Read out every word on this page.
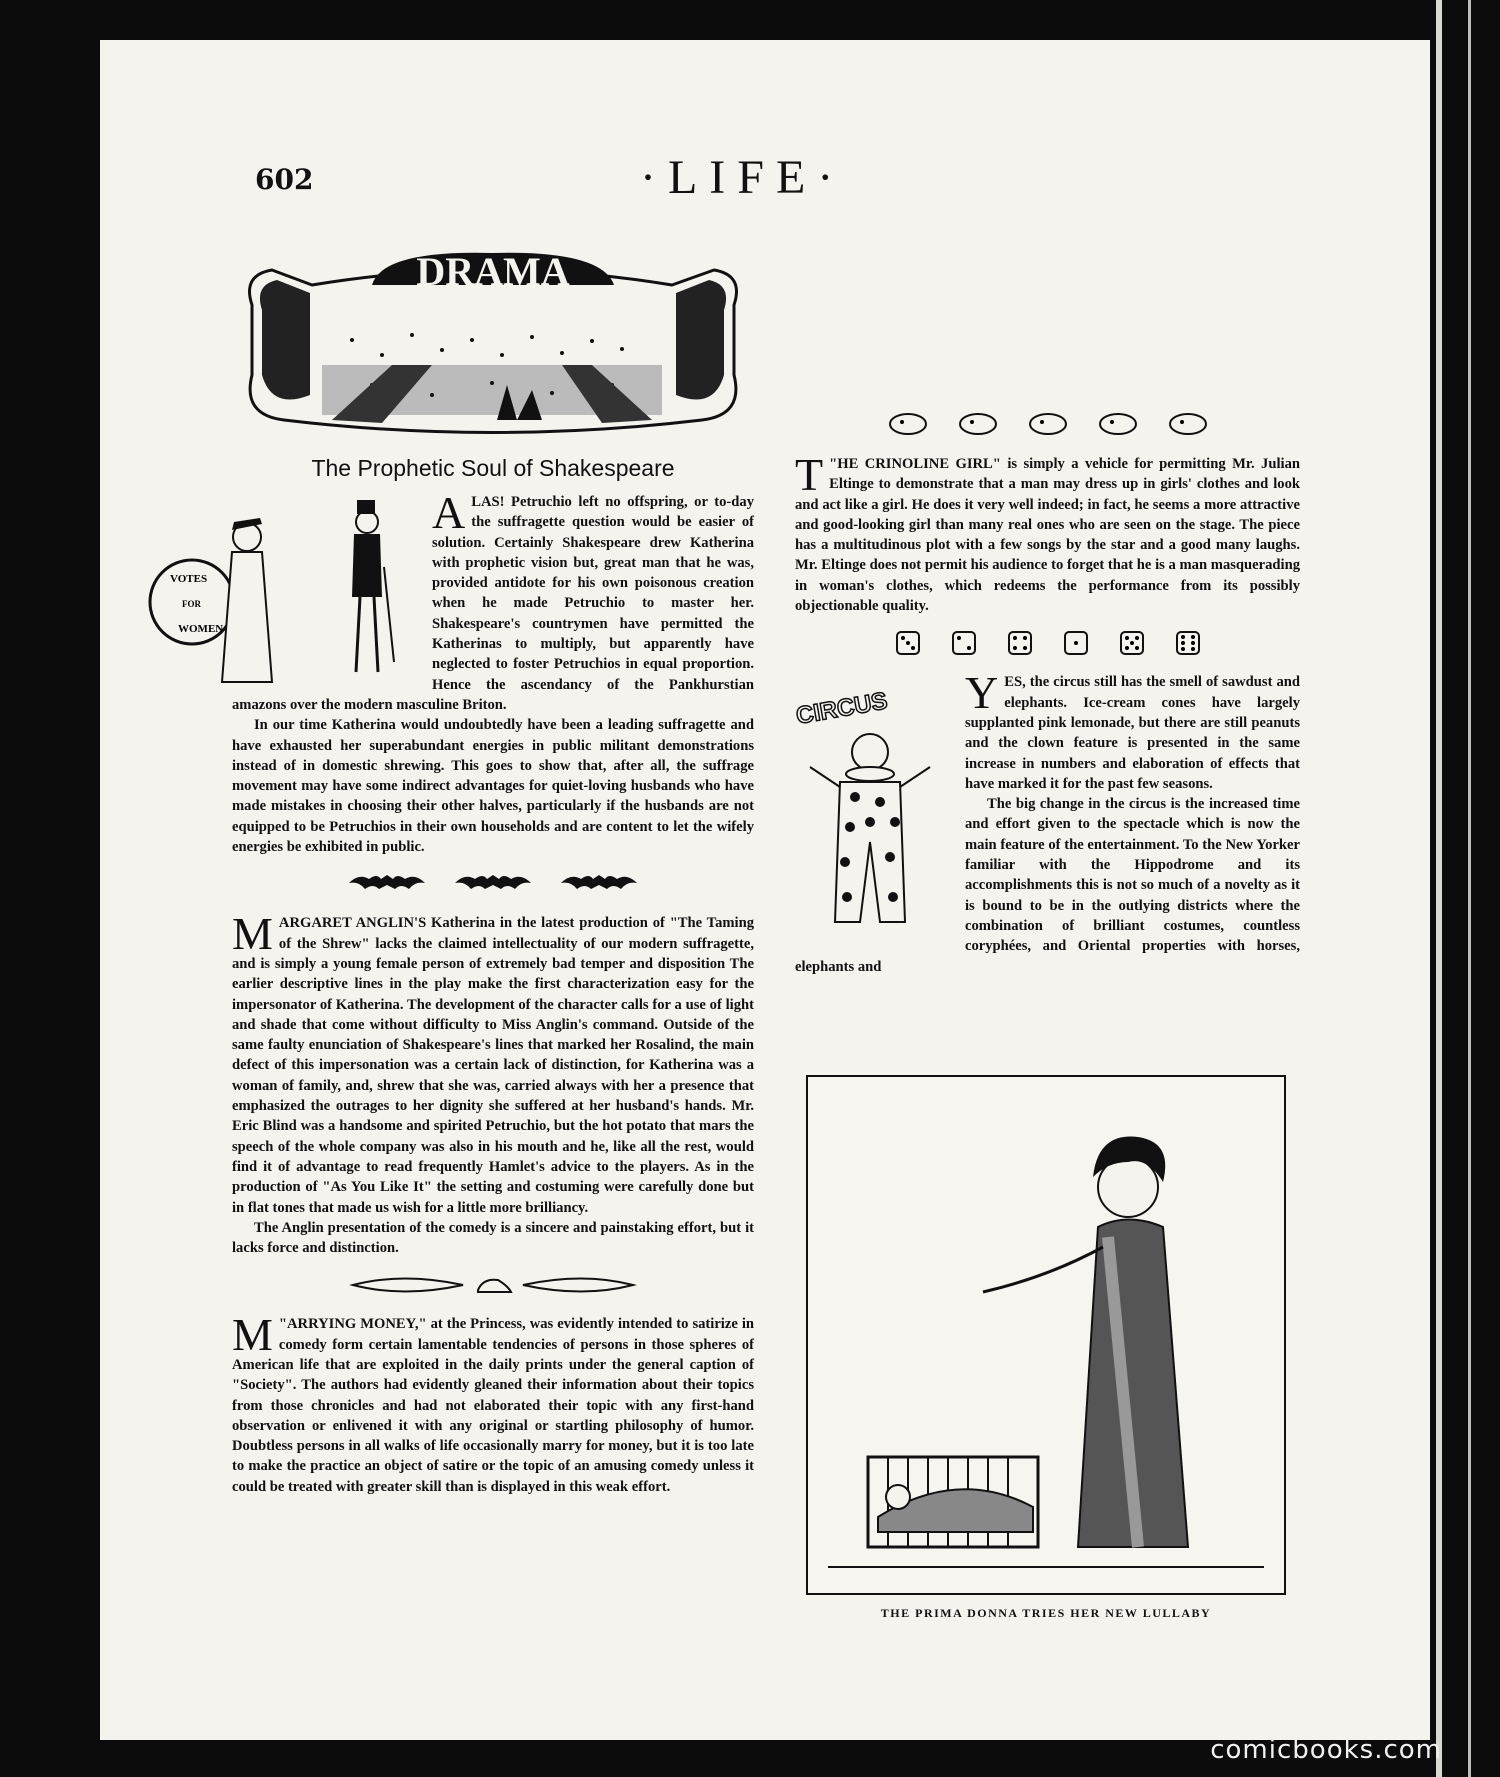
602	·LIFE·
DRAMA
The Prophetic Soul of Shakespeare
VOTES
FOR
WOMEN

ALAS! Petruchio left no offspring, or to-day the suffragette question would be easier of solution. Certainly Shakespeare drew Katherina with prophetic vision but, great man that he was, provided antidote for his own poisonous creation when he made Petruchio to master her. Shakespeare's countrymen have permitted the Katherinas to multiply, but apparently have neglected to foster Petruchios in equal proportion. Hence the ascendancy of the Pankhurstian amazons over the modern masculine Briton.

In our time Katherina would undoubtedly have been a leading suffragette and have exhausted her superabundant energies in public militant demonstrations instead of in domestic shrewing. This goes to show that, after all, the suffrage movement may have some indirect advantages for quiet-loving husbands who have made mistakes in choosing their other halves, particularly if the husbands are not equipped to be Petruchios in their own households and are content to let the wifely energies be exhibited in public.

MARGARET ANGLIN'S Katherina in the latest production of "The Taming of the Shrew" lacks the claimed intellectuality of our modern suffragette, and is simply a young female person of extremely bad temper and disposition The earlier descriptive lines in the play make the first characterization easy for the impersonator of Katherina. The development of the character calls for a use of light and shade that come without difficulty to Miss Anglin's command. Outside of the same faulty enunciation of Shakespeare's lines that marked her Rosalind, the main defect of this impersonation was a certain lack of distinction, for Katherina was a woman of family, and, shrew that she was, carried always with her a presence that emphasized the outrages to her dignity she suffered at her husband's hands. Mr. Eric Blind was a handsome and spirited Petruchio, but the hot potato that mars the speech of the whole company was also in his mouth and he, like all the rest, would find it of advantage to read frequently Hamlet's advice to the players. As in the production of "As You Like It" the setting and costuming were carefully done but in flat tones that made us wish for a little more brilliancy.

The Anglin presentation of the comedy is a sincere and painstaking effort, but it lacks force and distinction.

"
M ARRYING MONEY," at the Princess, was evidently intended to satirize in comedy form certain lamentable tendencies of persons in those spheres of American life that are exploited in the daily prints under the general caption of "Society". The authors had evidently gleaned their information about their topics from those chronicles and had not elaborated their topic with any first-hand observation or enlivened it with any original or startling philosophy of humor. Doubtless persons in all walks of life occasionally marry for money, but it is too late to make the practice an object of satire or the topic of an amusing comedy unless it could be treated with greater skill than is displayed in this weak effort.

"
T HE CRINOLINE GIRL" is simply a vehicle for permitting Mr. Julian Eltinge to demonstrate that a man may dress up in girls' clothes and look and act like a girl. He does it very well indeed; in fact, he seems a more attractive and good-looking girl than many real ones who are seen on the stage. The piece has a multitudinous plot with a few songs by the star and a good many laughs. Mr. Eltinge does not permit his audience to forget that he is a man masquerading in woman's clothes, which redeems the performance from its possibly objectionable quality.

CIRCUS YES, the circus still has the smell of sawdust and elephants. Ice-cream cones have largely supplanted pink lemonade, but there are still peanuts and the clown feature is presented in the same increase in numbers and elaboration of effects that have marked it for the past few seasons.

The big change in the circus is the increased time and effort given to the spectacle which is now the main feature of the entertainment. To the New Yorker familiar with the Hippodrome and its accomplishments this is not so much of a novelty as it is bound to be in the outlying districts where the combination of brilliant costumes, countless coryphées, and Oriental properties with horses, elephants and

THE PRIMA DONNA TRIES HER NEW LULLABY
comicbooks.com
